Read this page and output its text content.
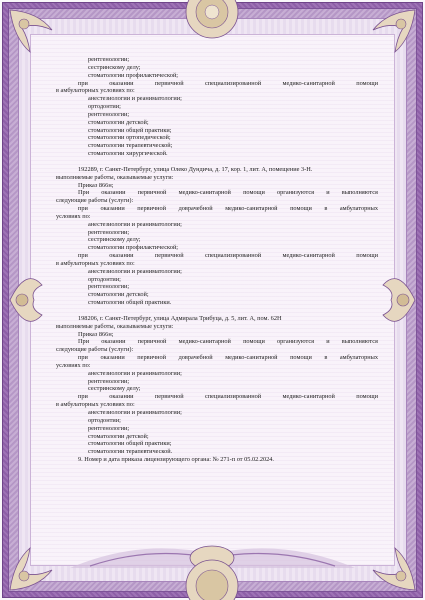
рентгенологии;
сестринскому делу;
стоматологии профилактической;
при	оказании	первичной	специализированной	медико-санитарной	помощи
в амбулаторных условиях по:
анестезиологии и реаниматологии;
ортодонтии;
рентгенологии;
стоматологии детской;
стоматологии общей практики;
стоматологии ортопедической;
стоматологии терапевтической;
стоматологии хирургической.
192289, г. Санкт-Петербург, улица Олеко Дундича, д. 17, кор. 1, лит. А, помещение 3-Н.
выполняемые работы, оказываемые услуги:
Приказ 866н;
При оказании первичной медико-санитарной помощи организуются и выполняются
следующие работы (услуги):
при оказании первичной доврачебной медико-санитарной помощи в амбулаторных
условиях по:
анестезиологии и реаниматологии;
рентгенологии;
сестринскому делу;
стоматологии профилактической;
при	оказании	первичной	специализированной	медико-санитарной	помощи
в амбулаторных условиях по:
анестезиологии и реаниматологии;
ортодонтии;
рентгенологии;
стоматологии детской;
стоматологии общей практики.
198206, г. Санкт-Петербург, улица Адмирала Трибуца, д. 5, лит. А, пом. 62Н
выполняемые работы, оказываемые услуги:
Приказ 866н;
При оказании первичной медико-санитарной помощи организуются и выполняются
следующие работы (услуги):
при оказании первичной доврачебной медико-санитарной помощи в амбулаторных
условиях по:
анестезиологии и реаниматологии;
рентгенологии;
сестринскому делу;
при	оказании	первичной	специализированной	медико-санитарной	помощи
в амбулаторных условиях по:
анестезиологии и реаниматологии;
ортодонтии;
рентгенологии;
стоматологии детской;
стоматологии общей практики;
стоматологии терапевтической.
9. Номер и дата приказа лицензирующего органа: № 271-п от 05.02.2024.
